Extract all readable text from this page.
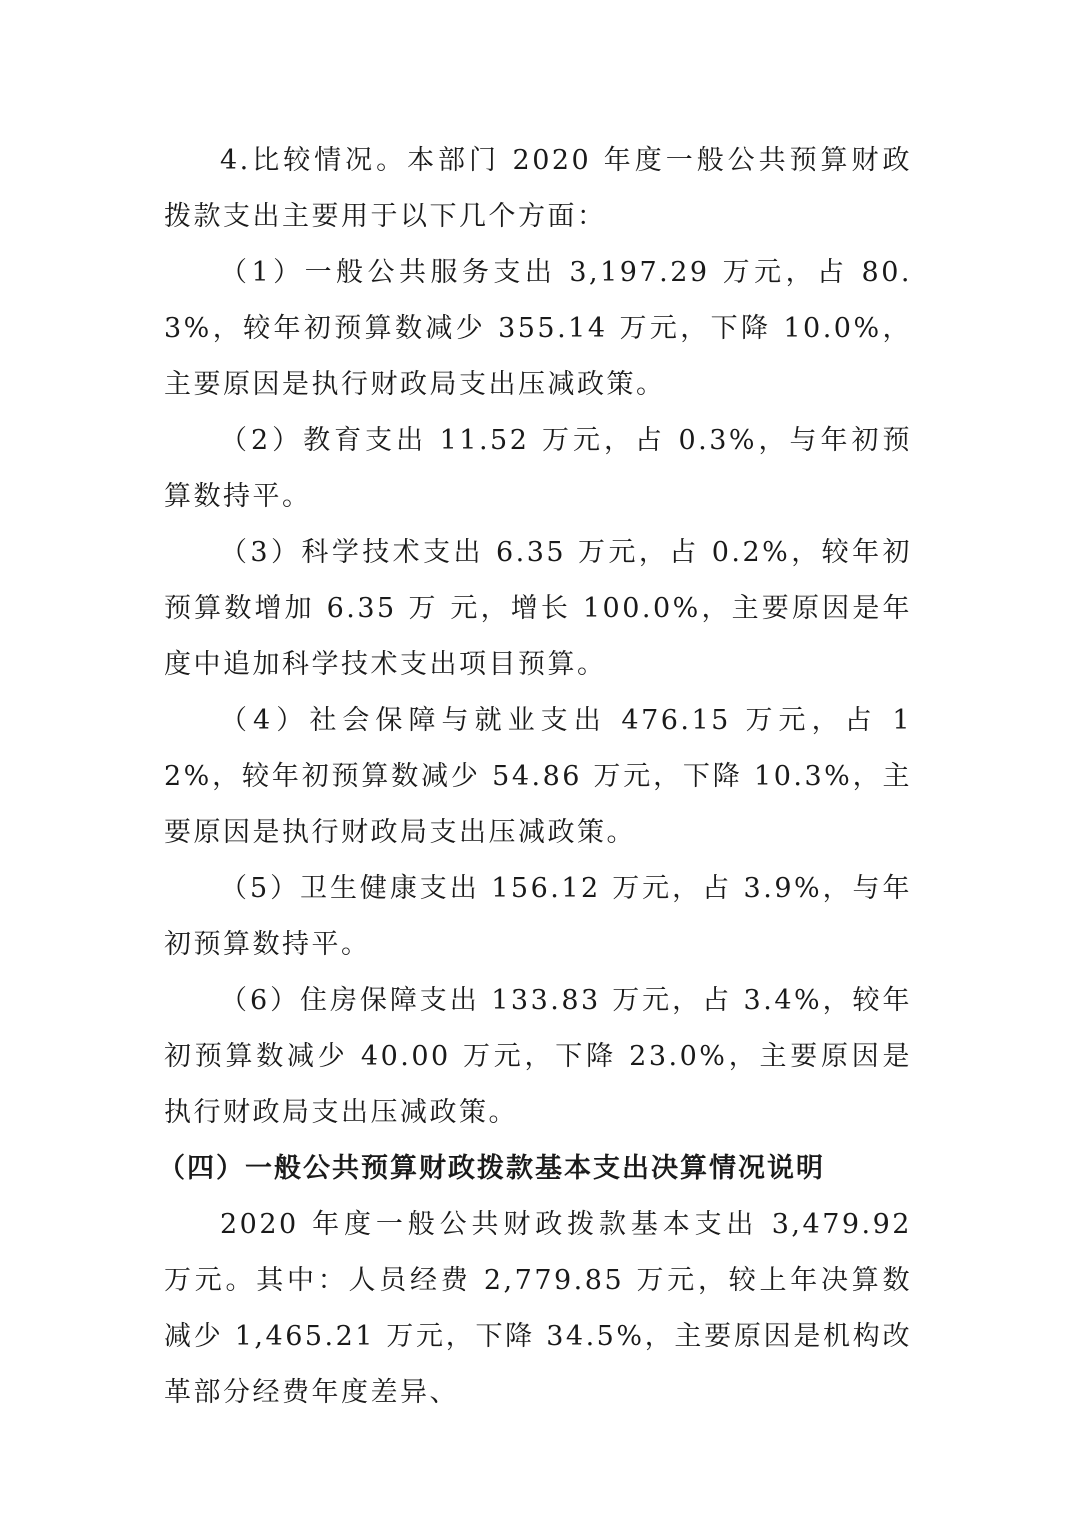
4.比较情况。本部门 2020 年度一般公共预算财政拨款支出主要用于以下几个方面：

（1）一般公共服务支出 3,197.29 万元，占 80.3%，较年初预算数减少 355.14 万元，下降 10.0%，主要原因是执行财政局支出压减政策。

（2）教育支出 11.52 万元，占 0.3%，与年初预算数持平。

（3）科学技术支出 6.35 万元，占 0.2%，较年初预算数增加 6.35 万 元，增长 100.0%，主要原因是年度中追加科学技术支出项目预算。

（4）社会保障与就业支出 476.15 万元，占 12%，较年初预算数减少 54.86 万元，下降 10.3%，主要原因是执行财政局支出压减政策。

（5）卫生健康支出 156.12 万元，占 3.9%，与年初预算数持平。

（6）住房保障支出 133.83 万元，占 3.4%，较年初预算数减少 40.00 万元，下降 23.0%，主要原因是执行财政局支出压减政策。

（四）一般公共预算财政拨款基本支出决算情况说明

2020 年度一般公共财政拨款基本支出 3,479.92 万元。其中：人员经费 2,779.85 万元，较上年决算数减少 1,465.21 万元，下降 34.5%，主要原因是机构改革部分经费年度差异、
